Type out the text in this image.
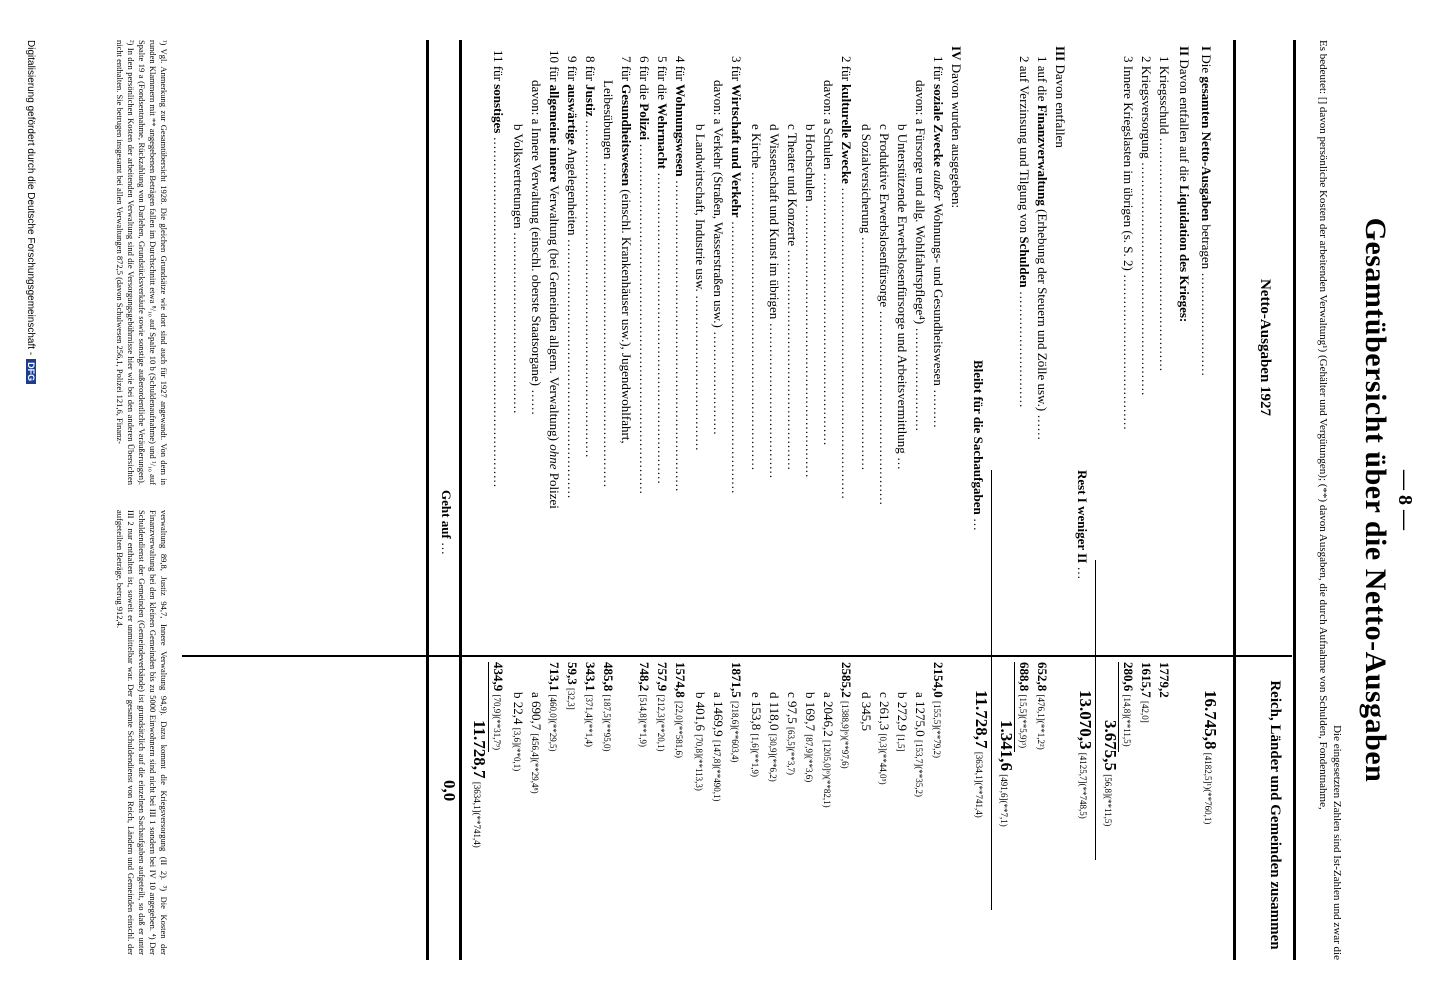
— 8 —
Gesamtübersicht über die Netto-Ausgaben
Die eingesetzten Zahlen sind Ist-Zahlen und zwar die
Es bedeutet: [] davon persönliche Kosten der arbeitenden Verwaltung¹) (Gehälter und Vergütungen); (**) davon Ausgaben, die durch Aufnahme von Schulden, Fondentnahme,
Netto-Ausgaben 1927
Reich, Länder und Gemeinden zusammen
I Die gesamten Netto-Ausgaben betragen ……………………
16.745,8 [4182,5]¹)(**760,1)
II Davon entfallen auf die Liquidation des Krieges:
1 Kriegsschuld ………………………………………………
1779,2
2 Kriegsversorgung ………………………………………………
1615,7 [42,0]
3 Innere Kriegslasten im übrigen (s. S. 2) ………………………………
280,6 [14,8](**11,5)
3.675,5 [56,8](**11,5)
Rest I weniger II …
13.070,3 [4125,7](**748,5)
III Davon entfallen
1 auf die Finanzverwaltung (Erhebung der Steuern und Zölle usw.) ……
652,8 [476,1](**1,2²)
2 auf Verzinsung und Tilgung von Schulden ………………………
688,8 [15,5](**5,9)³)
1.341,6 [491,6](**7,1)
Bleibt für die Sachaufgaben …
11.728,7 [3634,1](**741,4)
IV Davon wurden ausgegeben:
1 für soziale Zwecke außer Wohnungs- und Gesundheitswesen ………
2154,0 [155,5](**79,2)
davon: a Fürsorge und allg. Wohlfahrtspflege⁴) ……………………
a 1275,0 [153,7](**35,2)
b Unterstützende Erwerbslosenfürsorge und Arbeitsvermittlung …
b 272,9 [1,5]
c Produktive Erwerbslosenfürsorge ………………………………………
c 261,3 [0,3](**44,0⁵)
d Sozialversicherung ………………………………………………
d 345,5
2 für kulturelle Zwecke ………………………………………………………………
2585,2 [1388,9]⁶)(**97,6)
davon: a Schulen ………………………………………………………
a 2046,2 [1205,0]⁶)(**82,1)
b Hochschulen ………………………………………………………
b 169,7 [87,9](**3,6)
c Theater und Konzerte ……………………………………………
c 97,5 [63,5](**3,7)
d Wissenschaft und Kunst im übrigen ………………………………
d 118,0 [30,9](**6,2)
e Kirche ……………………………………………………………
e 153,8 [1,6](**1,9)
3 für Wirtschaft und Verkehr ………………………………………………………
1871,5 [218,6](**603,4)
davon: a Verkehr (Straßen, Wasserstraßen usw.) ……………………
a 1469,9 [147,8](**490,1)
b Landwirtschaft, Industrie usw. ………………………………
b 401,6 [70,8](**113,3)
4 für Wohnungswesen ………………………………………………………………
1574,8 [22,0](**581,6)
5 für die Wehrmacht ………………………………………………………………
757,9 [212,3](**20,1)
6 für die Polizei ………………………………………………………………………
748,2 [514,8](**1,9)
7 für Gesundheitswesen (einschl. Krankenhäuser usw.), Jugendwohlfahrt,
Leibesübungen …………………………………………………………………
485,8 [187,5](**95,0)
8 für Justiz ……………………………………………………………………
343,1 [371,4](**1,4)
9 für auswärtige Angelegenheiten ……………………………………………………
59,3 [32,3]
10 für allgemeine innere Verwaltung (bei Gemeinden allgem. Verwaltung) ohne Polizei
713,1 [460,0](**29,5)
davon: a Innere Verwaltung (einschl. oberste Staatsorgane) ……
a 690,7 [456,4](**29,4⁸)
b Volksvertretungen ……………………………………
b 22,4 [3,6](**0,1)
11 für sonstiges ………………………………………………………………………
434,9 [70,9](**31,7⁹)
11.728,7 [3634,1](**741,4)
Geht auf …
0,0
¹) Vgl. Anmerkung zur Gesamtübersicht 1928. Die gleichen Grundsätze wie dort sind auch für 1927 angewandt. Von dem in runden Klammern mit ** angegebenen Beträgen fallen im Durchschnitt etwa ⁸/₁₀ auf Spalte 10 b (Schuldenaufnahme) und ¹/₁₀ auf Spalte 19 a (Fondsentnahme, Rückzahlung von Darlehen, Grundstücksverkäufe sowie sonstige außerordentliche Veräußerungen). ²) In den persönlichen Kosten der arbeitenden Verwaltung sind die Versorgungsgebührnisse hier wie bei den anderen Übersichten nicht enthalten. Sie betrugen insgesamt bei allen Verwaltungen 872,5 (davon Schulwesen 256,1, Polizei 121,6, Finanz-
verwaltung 89,8, Justiz 94,7, Innere Verwaltung 94,9). Dazu kommt die Kriegsversorgung (II 2). ³) Die Kosten der Finanzverwaltung bei den kleinen Gemeinden bis zu 5000 Einwohnern sind nicht bei III 1 sondern bei IV 10 angegeben. ⁴) Der Schuldendienst der Gemeinden (Gemeindeverbände) ist grundsätzlich auf die einzelnen Sachaufgaben aufgeteilt, so daß er unter III 2 nur enthalten ist, soweit er unmittelbar war. Der gesamte Schuldendienst von Reich, Ländern und Gemeinden einschl. der aufgeteilten Beträge, betrug 912,4.
Digitalisierung gefördert durch die Deutsche Forschungsgemeinschaft -DFG
